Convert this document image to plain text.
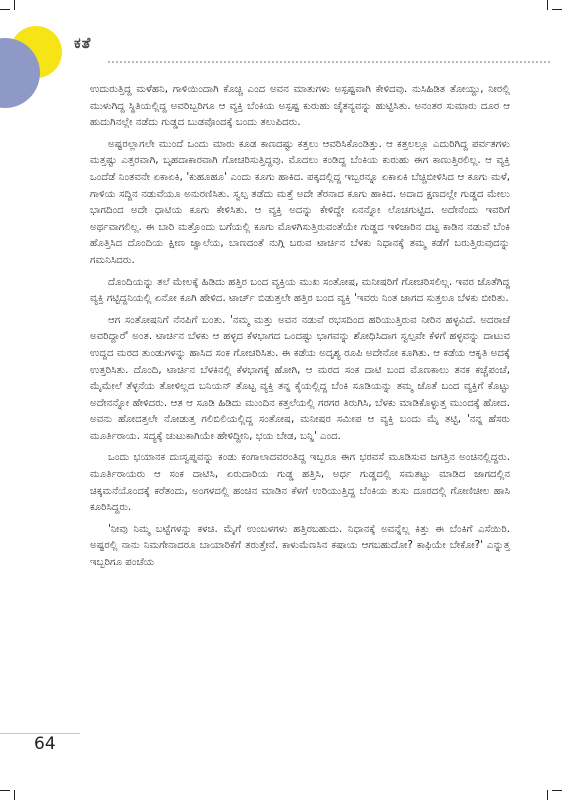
ಕತೆ

ಉದುರುತ್ತಿದ್ದ ಮಳೆಹನಿ, ಗಾಳಿಯಿಂದಾಗಿ ಕೊಚ್ಚಿ ಎಂದ ಅವನ ಮಾತುಗಳು ಅಸ್ಪಷ್ಟವಾಗಿ ಕೇಳಿದವು. ನುಸಿಹಿಡಿತ ತೋಯ್ದು, ನೀರಲ್ಲಿ ಮುಳುಗಿದ್ದ ಸ್ಥಿತಿಯಲ್ಲಿದ್ದ ಅವರಿಬ್ಬರಿಗೂ ಆ ವ್ಯಕ್ತಿ ಬೆಂಕಿಯ ಅಸ್ಪಷ್ಟ ಕುರುಹು ಚೈತನ್ಯವನ್ನು ಹುಟ್ಟಿಸಿತು. ಅನಂತರ ಸುಮಾರು ದೂರ ಆ ಹುದುಗಿನಲ್ಲೇ ನಡೆದು ಗುಡ್ಡದ ಬುಡವೊಂದಕ್ಕೆ ಬಂದು ತಲುಪಿದರು.

ಅಷ್ಟರಲ್ಲಾಗಲೇ ಮುಂದೆ ಒಂದು ಮಾರು ಕೂಡ ಕಾಣದಷ್ಟು ಕತ್ತಲು ಆವರಿಸಿಕೊಂಡಿತ್ತು. ಆ ಕತ್ತಲಲ್ಲೂ ಎದುರಿಗಿದ್ದ ಪರ್ವತಗಳು ಮತ್ತಷ್ಟು ಎತ್ತರವಾಗಿ, ಬೃಹದಾಕಾರವಾಗಿ ಗೋಚರಿಸುತ್ತಿದ್ದವು. ಮೊದಲು ಕಂಡಿದ್ದ ಬೆಂಕಿಯ ಕುರುಹು ಈಗ ಕಾಣುತ್ತಿರಲಿಲ್ಲ. ಆ ವ್ಯಕ್ತಿ ಒಂದೆಡೆ ನಿಂತವನೇ ಏಕಾಏಕಿ, 'ಕುಹೂಹೂ' ಎಂದು ಕೂಗು ಹಾಕಿದ. ಪಕ್ಕದಲ್ಲಿದ್ದ ಇಬ್ಬರನ್ನೂ ಏಕಾಏಕಿ ಬೆಚ್ಚಿಬೀಳಿಸಿದ ಆ ಕೂಗು ಮಳೆ, ಗಾಳಿಯ ಸದ್ದಿನ ನಡುವೆಯೂ ಅನುರಣಿಸಿತು. ಸ್ವಲ್ಪ ತಡೆದು ಮತ್ತೆ ಅದೇ ತೆರನಾದ ಕೂಗು ಹಾಕಿದ. ಅದಾದ ಕ್ಷಣದಲ್ಲೇ ಗುಡ್ಡದ ಮೇಲು ಭಾಗದಿಂದ ಅದೇ ಧಾಟಿಯ ಕೂಗು ಕೇಳಿಸಿತು. ಆ ವ್ಯಕ್ತಿ ಅದನ್ನು ಕೇಳಿದ್ದೇ ಏನನ್ನೋ ಲೊಚಗುಟ್ಟಿದ. ಅದೇನೆಂದು ಇವರಿಗೆ ಅರ್ಥವಾಗಲಿಲ್ಲ. ಈ ಬಾರಿ ಮತ್ತೊಂದು ಬಗೆಯಲ್ಲಿ ಕೂಗು ಮೊಳಗಿಸುತ್ತಿರುವಂತೆಯೇ ಗುಡ್ಡದ ಇಳಿಜಾರಿನ ದಟ್ಟ ಕಾಡಿನ ನಡುವೆ ಬೆಂಕಿ ಹೊತ್ತಿಸಿದ ದೊಂದಿಯ ಕ್ಷೀಣ ಜ್ವಾಲೆಯ, ಬಾಣದಂತೆ ನುಗ್ಗಿ ಬರುವ ಟಾರ್ಚಿನ ಬೆಳಕು ನಿಧಾನಕ್ಕೆ ತಮ್ಮ ಕಡೆಗೆ ಬರುತ್ತಿರುವುದನ್ನು ಗಮನಿಸಿದರು.

ದೊಂದಿಯನ್ನು ತಲೆ ಮೇಲಕ್ಕೆ ಹಿಡಿದು ಹತ್ತಿರ ಬಂದ ವ್ಯಕ್ತಿಯ ಮುಖ ಸಂತೋಷ, ಮನೀಷರಿಗೆ ಗೋಚರಿಸಲಿಲ್ಲ. ಇವರ ಜೊತೆಗಿದ್ದ ವ್ಯಕ್ತಿ ಗಟ್ಟಿದ್ದನಿಯಲ್ಲಿ ಏನೋ ಕೂಗಿ ಹೇಳಿದ. ಟಾರ್ಚ್ ಬಿಡುತ್ತಲೇ ಹತ್ತಿರ ಬಂದ ವ್ಯಕ್ತಿ 'ಇವರು ನಿಂತ ಜಾಗದ ಸುತ್ತಲೂ ಬೆಳಕು ಬೀರಿತು.

ಆಗ ಸಂತೋಷನಿಗೆ ನೆನಪಿಗೆ ಬಂತು. 'ನಮ್ಮ ಮತ್ತು ಅವನ ನಡುವೆ ರಭಸದಿಂದ ಹರಿಯುತ್ತಿರುವ ನೀರಿನ ಹಳ್ಳವಿದೆ. ಅದರಾಚೆ ಅವರಿದ್ದಾರೆ' ಅಂತ. ಟಾರ್ಚಿನ ಬೆಳಕು ಆ ಹಳ್ಳದ ಕೆಳಭಾಗದ ಒಂದಷ್ಟು ಭಾಗವನ್ನು ಶೋಧಿಸಿದಾಗ ಸ್ವಲ್ಪವೇ ಕೆಳಗೆ ಹಳ್ಳವನ್ನು ದಾಟುವ ಉದ್ದದ ಮರದ ತುಂಡುಗಳನ್ನು ಹಾಸಿದ ಸಂಕ ಗೋಚರಿಸಿತು. ಈ ಕಡೆಯ ಅದೃಶ್ಯ ರೂಪಿ ಅದೇನೋ ಕೂಗಿತು. ಆ ಕಡೆಯ ಆಕೃತಿ ಅದಕ್ಕೆ ಉತ್ತರಿಸಿತು. ದೊಂದಿ, ಟಾರ್ಚಿನ ಬೆಳಕಿನಲ್ಲಿ ಕೆಳಭಾಗಕ್ಕೆ ಹೋಗಿ, ಆ ಮರದ ಸಂಕ ದಾಟಿ ಬಂದ ಮೊಣಕಾಲು ತನಕ ಕಚ್ಚೆಪಂಚೆ, ಮೈಮೇಲೆ ತೆಳ್ಳನೆಯ ತೋಳಿಲ್ಲದ ಬನಿಯನ್ ತೊಟ್ಟ ವ್ಯಕ್ತಿ ತನ್ನ ಕೈಯಲ್ಲಿದ್ದ ಬೆಂಕಿ ಸೂಡಿಯನ್ನು ತಮ್ಮ ಜೊತೆ ಬಂದ ವ್ಯಕ್ತಿಗೆ ಕೊಟ್ಟು ಅದೇನನ್ನೋ ಹೇಳಿದರು. ಆತ ಆ ಸೂಡಿ ಹಿಡಿದು ಮುಂದಿನ ಕತ್ತಲೆಯಲ್ಲಿ ಗರಗರ ತಿರುಗಿಸಿ, ಬೆಳಕು ಮಾಡಿಕೊಳ್ಳುತ್ತ ಮುಂದಕ್ಕೆ ಹೋದ. ಅವನು ಹೋದತ್ತಲೇ ನೋಡುತ್ತ ಗಲಿಬಿಲಿಯಲ್ಲಿದ್ದ ಸಂತೋಷ, ಮನೀಷರ ಸಮೀಪ ಆ ವ್ಯಕ್ತಿ ಬಂದು ಮೈ ತಟ್ಟಿ, 'ನನ್ನ ಹೆಸರು ಮೂರ್ತಿರಾಯ. ಸದ್ಯಕ್ಕೆ ಚುಟುಕಾಗಿಯೇ ಹೇಳಿದ್ದೀನಿ, ಭಯ ಬೇಡ, ಬನ್ನಿ' ಎಂದ.

ಒಂದು ಭಯಾನಕ ದುಃಸ್ವಪ್ನವನ್ನು ಕಂಡು ಕಂಗಾಲಾದವರಂತಿದ್ದ ಇಬ್ಬರೂ ಈಗ ಭರವಸೆ ಮೂಡಿಸುವ ಜಗತ್ತಿನ ಅಂಚಿನಲ್ಲಿದ್ದರು. ಮೂರ್ತಿರಾಯರು ಆ ಸಂಕ ದಾಟಿಸಿ, ಏರುದಾರಿಯ ಗುಡ್ಡ ಹತ್ತಿಸಿ, ಅರ್ಧ ಗುಡ್ಡದಲ್ಲಿ ಸಮತಟ್ಟು ಮಾಡಿದ ಜಾಗದಲ್ಲಿನ ಚಿಕ್ಕಮನೆಯೊಂದಕ್ಕೆ ಕರೆತಂದು, ಅಂಗಳದಲ್ಲಿ ಹಂಚಿನ ಮಾಡಿನ ಕೆಳಗೆ ಉರಿಯುತ್ತಿದ್ದ ಬೆಂಕಿಯ ತುಸು ದೂರದಲ್ಲಿ ಗೋಣಿಚೀಲ ಹಾಸಿ ಕೂರಿಸಿದ್ದರು.

'ನೀವು ನಿಮ್ಮ ಬಟ್ಟೆಗಳನ್ನು ಕಳಚಿ. ಮೈಗೆ ಉಂಬಳಗಳು ಹತ್ತಿರಬಹುದು. ನಿಧಾನಕ್ಕೆ ಅವನ್ನೆಲ್ಲ ಕಿತ್ತು ಈ ಬೆಂಕಿಗೆ ಎಸೆಯಿರಿ. ಅಷ್ಟರಲ್ಲಿ ನಾನು ನಿಮಗೇನಾದರೂ ಬಾಯಾರಿಕೆಗೆ ತರುತ್ತೇನೆ. ಕಾಳುಮೆಣಸಿನ ಕಷಾಯ ಆಗಬಹುದೋ? ಕಾಫಿಯೇ ಬೇಕೋ?' ಎನ್ನುತ್ತ ಇಬ್ಬರಿಗೂ ಪಂಚೆಯ

64
